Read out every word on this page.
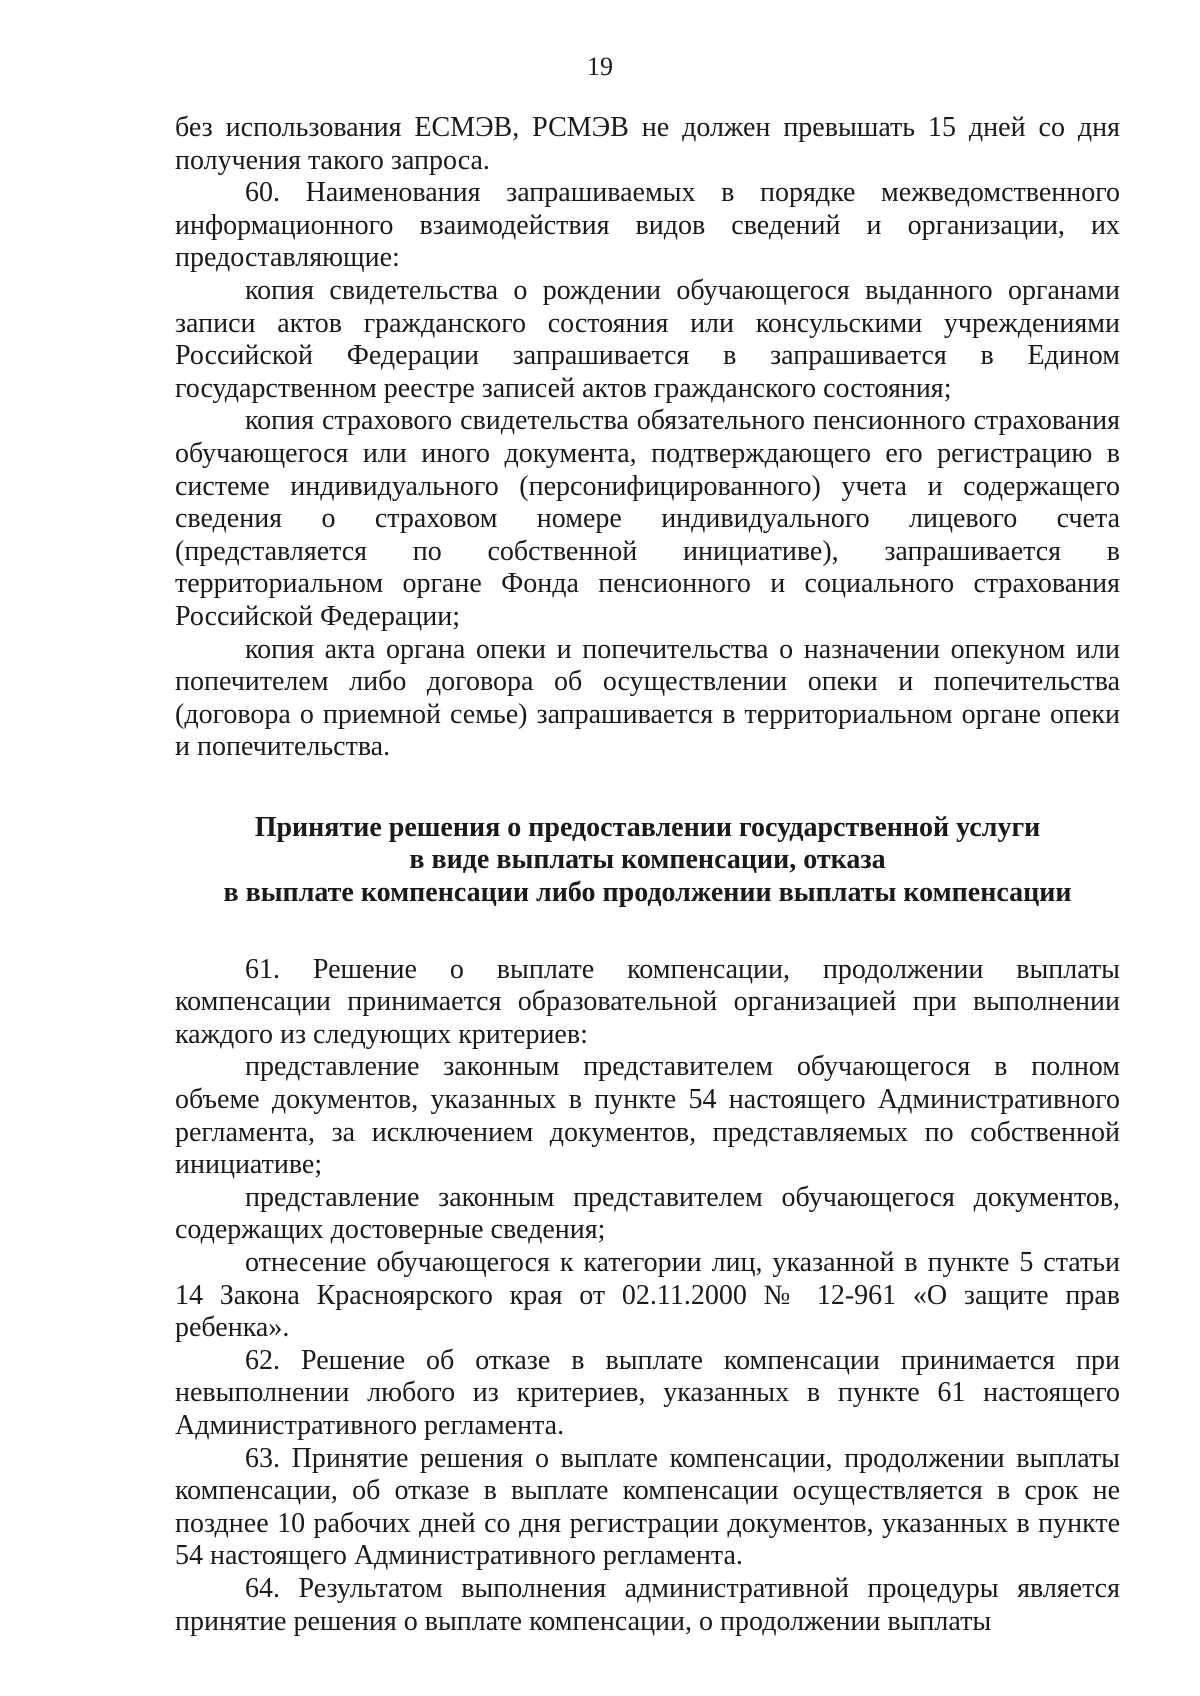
19

без использования ЕСМЭВ, РСМЭВ не должен превышать 15 дней со дня получения такого запроса.

60. Наименования запрашиваемых в порядке межведомственного информационного взаимодействия видов сведений и организации, их предоставляющие:

копия свидетельства о рождении обучающегося выданного органами записи актов гражданского состояния или консульскими учреждениями Российской Федерации запрашивается в запрашивается в Едином государственном реестре записей актов гражданского состояния;

копия страхового свидетельства обязательного пенсионного страхования обучающегося или иного документа, подтверждающего его регистрацию в системе индивидуального (персонифицированного) учета и содержащего сведения о страховом номере индивидуального лицевого счета (представляется по собственной инициативе), запрашивается в территориальном органе Фонда пенсионного и социального страхования Российской Федерации;

копия акта органа опеки и попечительства о назначении опекуном или попечителем либо договора об осуществлении опеки и попечительства (договора о приемной семье) запрашивается в территориальном органе опеки и попечительства.

Принятие решения о предоставлении государственной услуги
в виде выплаты компенсации, отказа
в выплате компенсации либо продолжении выплаты компенсации

61. Решение о выплате компенсации, продолжении выплаты компенсации принимается образовательной организацией при выполнении каждого из следующих критериев:

представление законным представителем обучающегося в полном объеме документов, указанных в пункте 54 настоящего Административного регламента, за исключением документов, представляемых по собственной инициативе;

представление законным представителем обучающегося документов, содержащих достоверные сведения;

отнесение обучающегося к категории лиц, указанной в пункте 5 статьи 14 Закона Красноярского края от 02.11.2000 № 12-961 «О защите прав ребенка».

62. Решение об отказе в выплате компенсации принимается при невыполнении любого из критериев, указанных в пункте 61 настоящего Административного регламента.

63. Принятие решения о выплате компенсации, продолжении выплаты компенсации, об отказе в выплате компенсации осуществляется в срок не позднее 10 рабочих дней со дня регистрации документов, указанных в пункте 54 настоящего Административного регламента.

64. Результатом выполнения административной процедуры является принятие решения о выплате компенсации, о продолжении выплаты
